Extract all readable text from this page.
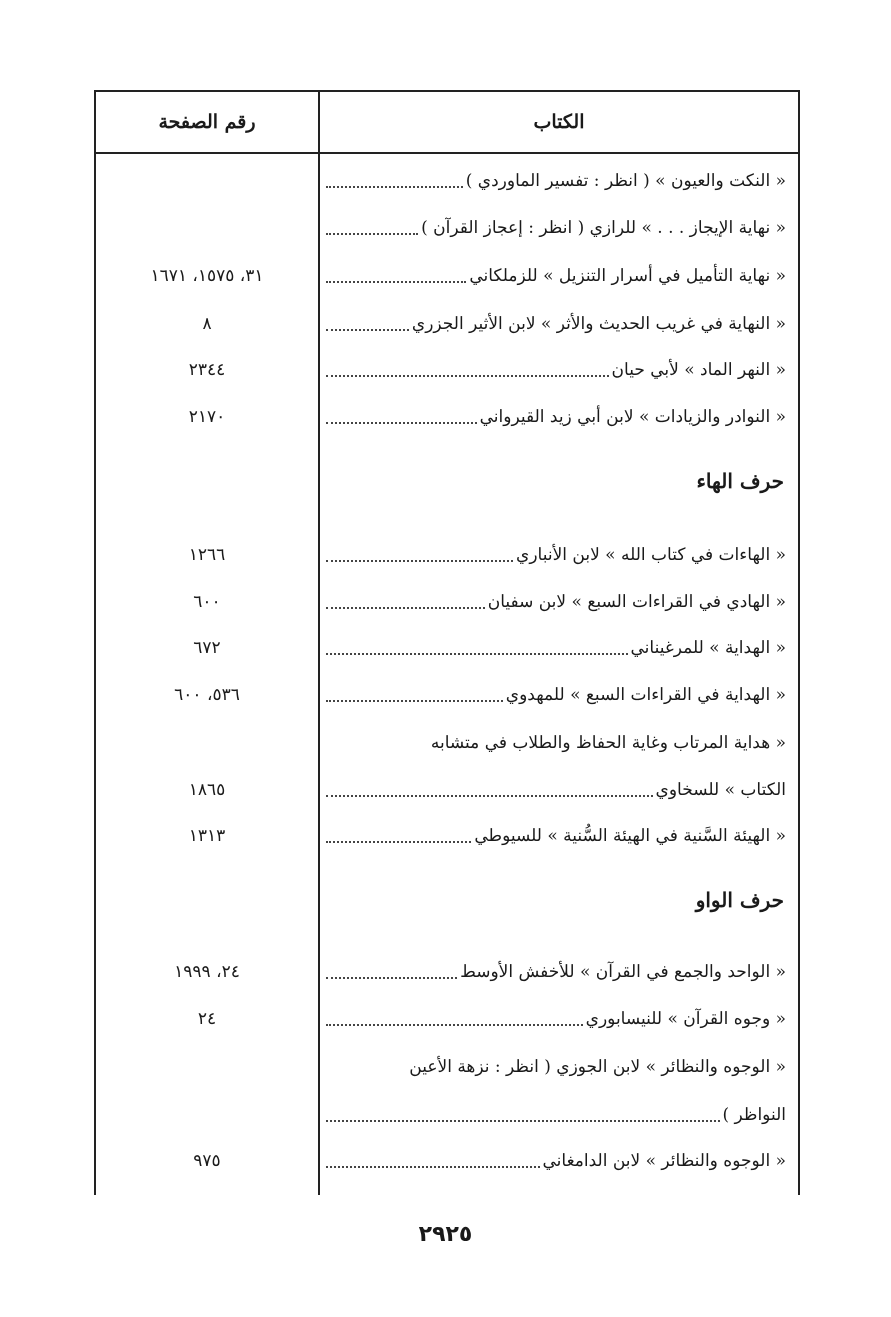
الكتاب
رقم الصفحة
« النكت والعيون » ( انظر : تفسير الماوردي )
« نهاية الإيجاز . . . » للرازي ( انظر : إعجاز القرآن )
« نهاية التأميل في أسرار التنزيل » للزملكاني
٣١، ١٥٧٥، ١٦٧١
« النهاية في غريب الحديث والأثر » لابن الأثير الجزري
٨
« النهر الماد » لأبي حيان
٢٣٤٤
« النوادر والزيادات » لابن أبي زيد القيرواني
٢١٧٠
حرف الهاء
« الهاءات في كتاب الله » لابن الأنباري
١٢٦٦
« الهادي في القراءات السبع » لابن سفيان
٦٠٠
« الهداية » للمرغيناني
٦٧٢
« الهداية في القراءات السبع » للمهدوي
٥٣٦، ٦٠٠
« هداية المرتاب وغاية الحفاظ والطلاب في متشابه
الكتاب » للسخاوي
١٨٦٥
« الهيئة السَّنية في الهيئة السُّنية » للسيوطي
١٣١٣
حرف الواو
« الواحد والجمع في القرآن » للأخفش الأوسط
٢٤، ١٩٩٩
« وجوه القرآن » للنيسابوري
٢٤
« الوجوه والنظائر » لابن الجوزي ( انظر : نزهة الأعين
النواظر )
« الوجوه والنظائر » لابن الدامغاني
٩٧٥
٢٩٢٥
